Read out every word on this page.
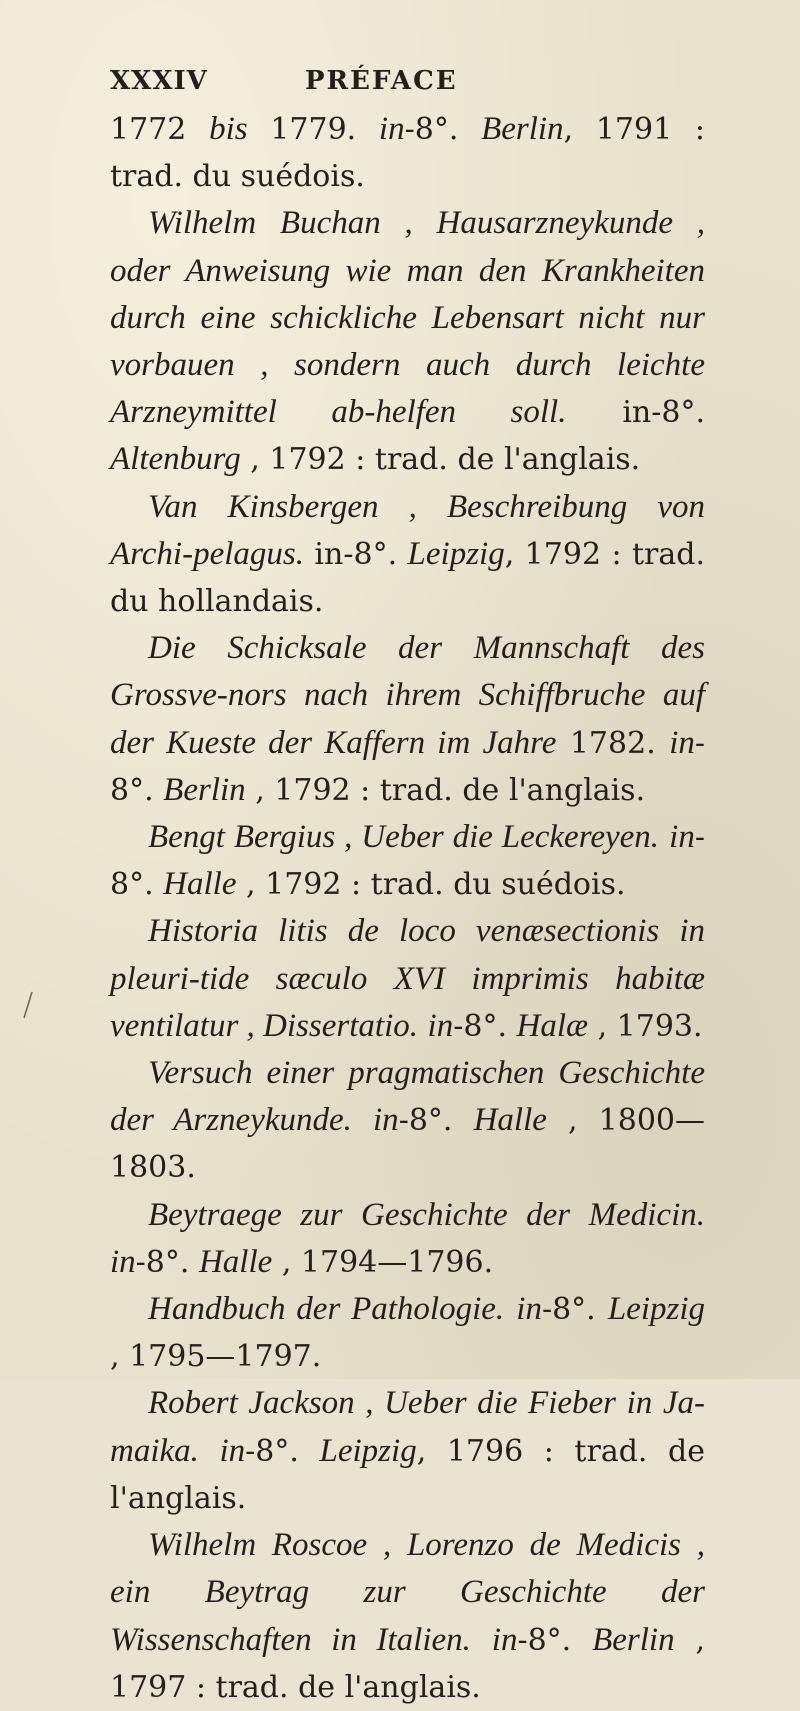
XXXIV	PRÉFACE

1772 bis 1779. in-8°. Berlin, 1791 : trad. du suédois.

Wilhelm Buchan , Hausarzneykunde , oder Anweisung wie man den Krankheiten durch eine schickliche Lebensart nicht nur vorbauen , sondern auch durch leichte Arzneymittel ab-helfen soll. in-8°. Altenburg , 1792 : trad. de l'anglais.

Van Kinsbergen , Beschreibung von Archi-pelagus. in-8°. Leipzig, 1792 : trad. du hollandais.

Die Schicksale der Mannschaft des Grossve-nors nach ihrem Schiffbruche auf der Kueste der Kaffern im Jahre 1782. in-8°. Berlin , 1792 : trad. de l'anglais.

Bengt Bergius , Ueber die Leckereyen. in-8°. Halle , 1792 : trad. du suédois.

Historia litis de loco venæsectionis in pleuri-tide sæculo XVI imprimis habitæ ventilatur , Dissertatio. in-8°. Halæ , 1793.

Versuch einer pragmatischen Geschichte der Arzneykunde. in-8°. Halle , 1800—1803.

Beytraege zur Geschichte der Medicin. in-8°. Halle , 1794—1796.

Handbuch der Pathologie. in-8°. Leipzig , 1795—1797.

Robert Jackson , Ueber die Fieber in Ja-maika. in-8°. Leipzig, 1796 : trad. de l'anglais.

Wilhelm Roscoe , Lorenzo de Medicis , ein Beytrag zur Geschichte der Wissenschaften in Italien. in-8°. Berlin , 1797 : trad. de l'anglais.
